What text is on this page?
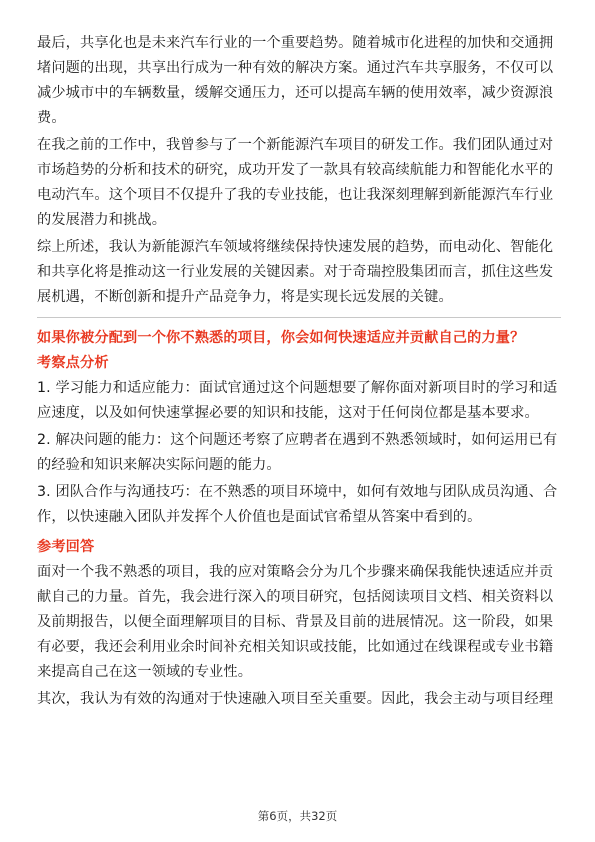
最后，共享化也是未来汽车行业的一个重要趋势。随着城市化进程的加快和交通拥堵问题的出现，共享出行成为一种有效的解决方案。通过汽车共享服务，不仅可以减少城市中的车辆数量，缓解交通压力，还可以提高车辆的使用效率，减少资源浪费。

在我之前的工作中，我曾参与了一个新能源汽车项目的研发工作。我们团队通过对市场趋势的分析和技术的研究，成功开发了一款具有较高续航能力和智能化水平的电动汽车。这个项目不仅提升了我的专业技能，也让我深刻理解到新能源汽车行业的发展潜力和挑战。

综上所述，我认为新能源汽车领域将继续保持快速发展的趋势，而电动化、智能化和共享化将是推动这一行业发展的关键因素。对于奇瑞控股集团而言，抓住这些发展机遇，不断创新和提升产品竞争力，将是实现长远发展的关键。

如果你被分配到一个你不熟悉的项目，你会如何快速适应并贡献自己的力量？

考察点分析

1. 学习能力和适应能力：面试官通过这个问题想要了解你面对新项目时的学习和适应速度，以及如何快速掌握必要的知识和技能，这对于任何岗位都是基本要求。

2. 解决问题的能力：这个问题还考察了应聘者在遇到不熟悉领域时，如何运用已有的经验和知识来解决实际问题的能力。

3. 团队合作与沟通技巧：在不熟悉的项目环境中，如何有效地与团队成员沟通、合作，以快速融入团队并发挥个人价值也是面试官希望从答案中看到的。

参考回答

面对一个我不熟悉的项目，我的应对策略会分为几个步骤来确保我能快速适应并贡献自己的力量。首先，我会进行深入的项目研究，包括阅读项目文档、相关资料以及前期报告，以便全面理解项目的目标、背景及目前的进展情况。这一阶段，如果有必要，我还会利用业余时间补充相关知识或技能，比如通过在线课程或专业书籍来提高自己在这一领域的专业性。

其次，我认为有效的沟通对于快速融入项目至关重要。因此，我会主动与项目经理

第6页，共32页
